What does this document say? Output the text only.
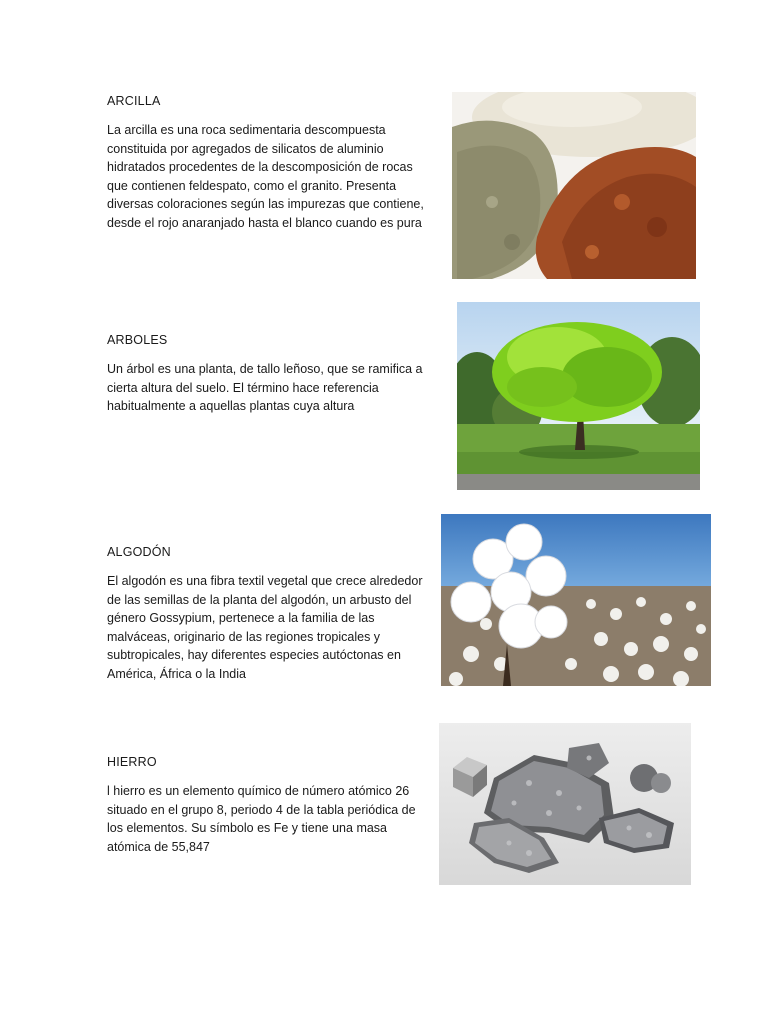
ARCILLA

La arcilla es una roca sedimentaria descompuesta constituida por agregados de silicatos de aluminio hidratados procedentes de la descomposición de rocas que contienen feldespato, como el granito. Presenta diversas coloraciones según las impurezas que contiene, desde el rojo anaranjado hasta el blanco cuando es pura

ARBOLES

Un árbol es una planta, de tallo leñoso, que se ramifica a cierta altura del suelo. El término hace referencia habitualmente a aquellas plantas cuya altura

ALGODÓN

El algodón es una fibra textil vegetal que crece alrededor de las semillas de la planta del algodón, un arbusto del género Gossypium, pertenece a la familia de las malváceas, originario de las regiones tropicales y subtropicales, hay diferentes especies autóctonas en América, África o la India

HIERRO

l hierro es un elemento químico de número atómico 26 situado en el grupo 8, periodo 4 de la tabla periódica de los elementos. Su símbolo es Fe y tiene una masa atómica de 55,847
